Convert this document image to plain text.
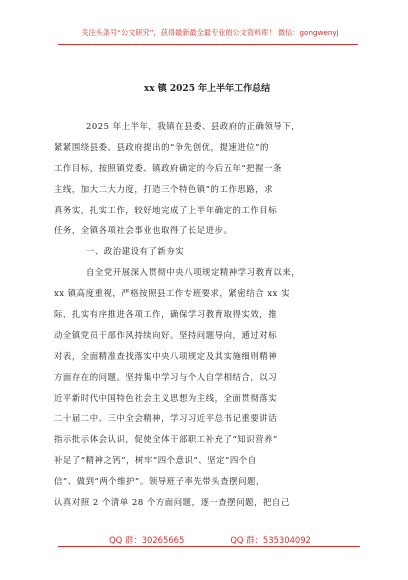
关注头条号“公文研究”，获得最新最全最专业的公文资料库！ 微信：gongwenyj
xx 镇 2025 年上半年工作总结
2025 年上半年，我镇在县委、县政府的正确领导下，
紧紧围绕县委、县政府提出的“争先创优，提速进位”的
工作目标，按照镇党委、镇政府确定的今后五年“把握一条
主线，加大二大力度，打造三个特色镇”的工作思路，求
真务实，扎实工作，较好地完成了上半年确定的工作目标
任务，全镇各项社会事业也取得了长足进步。
一、政治建设有了新夯实
自全党开展深入贯彻中央八项规定精神学习教育以来，
xx 镇高度重视，严格按照县工作专班要求，紧密结合 xx 实
际，扎实有序推进各项工作，确保学习教育取得实效，推
动全镇党员干部作风持续向好。坚持问题导向，通过对标
对表，全面精准查找落实中央八项规定及其实施细则精神
方面存在的问题。坚持集中学习与个人自学相结合，以习
近平新时代中国特色社会主义思想为主线，全面贯彻落实
二十届二中、三中全会精神，学习习近平总书记重要讲话
指示批示体会认识，促使全体干部职工补充了“知识营养”
补足了“精神之钙”，树牢“四个意识”、坚定“四个自
信”、做到“两个维护”。领导班子率先带头查摆问题，
认真对照 2 个清单 28 个方面问题，逐一查摆问题，把自己
QQ 群：30265665	QQ 群：535304092
